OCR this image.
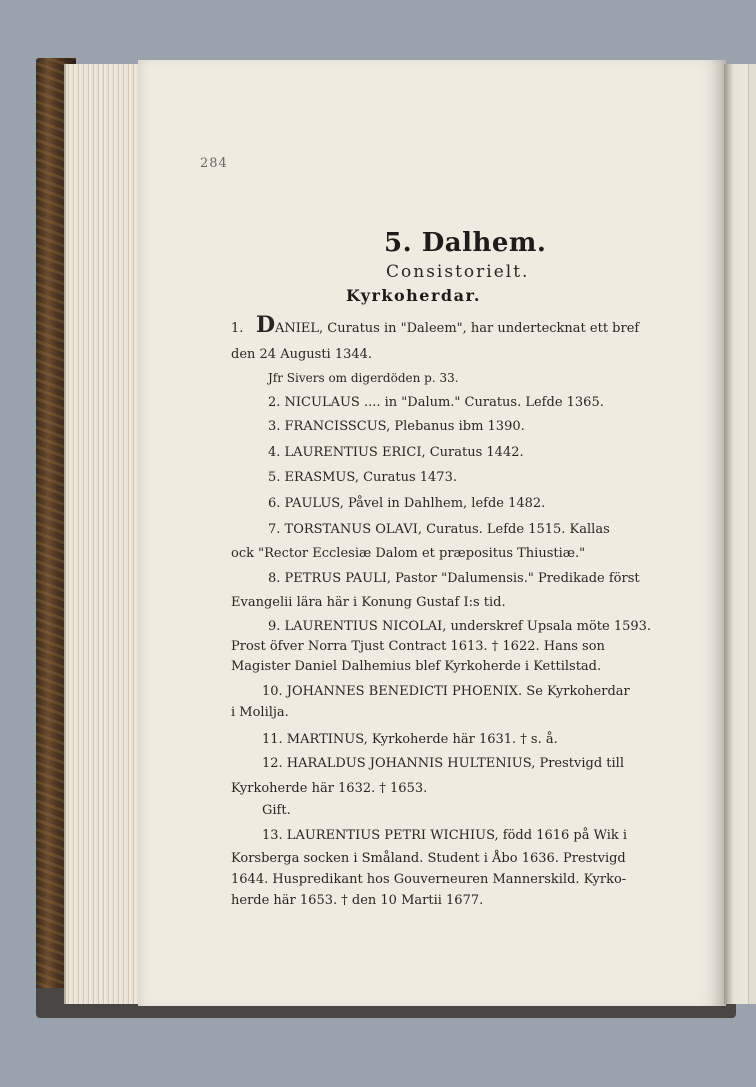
284
5. Dalhem.
Consistorielt.
Kyrkoherdar.
1. D ANIEL, Curatus in "Daleem", har undertecknat ett bref
den 24 Augusti 1344.
Jfr Sivers om digerdöden p. 33.
2. NICULAUS .... in "Dalum." Curatus. Lefde 1365.
3. FRANCISSCUS, Plebanus ibm 1390.
4. LAURENTIUS ERICI, Curatus 1442.
5. ERASMUS, Curatus 1473.
6. PAULUS, Påvel in Dahlhem, lefde 1482.
7. TORSTANUS OLAVI, Curatus. Lefde 1515. Kallas
ock "Rector Ecclesiæ Dalom et præpositus Thiustiæ."
8. PETRUS PAULI, Pastor "Dalumensis." Predikade först
Evangelii lära här i Konung Gustaf I:s tid.
9. LAURENTIUS NICOLAI, underskref Upsala möte 1593.
Prost öfver Norra Tjust Contract 1613. † 1622. Hans son
Magister Daniel Dalhemius blef Kyrkoherde i Kettilstad.
10. JOHANNES BENEDICTI PHOENIX. Se Kyrkoherdar
i Molilja.
11. MARTINUS, Kyrkoherde här 1631. † s. å.
12. HARALDUS JOHANNIS HULTENIUS, Prestvigd till
Kyrkoherde här 1632. † 1653.
Gift.
13. LAURENTIUS PETRI WICHIUS, född 1616 på Wik i
Korsberga socken i Småland. Student i Åbo 1636. Prestvigd
1644. Huspredikant hos Gouverneuren Mannerskild. Kyrko-
herde här 1653. † den 10 Martii 1677.
